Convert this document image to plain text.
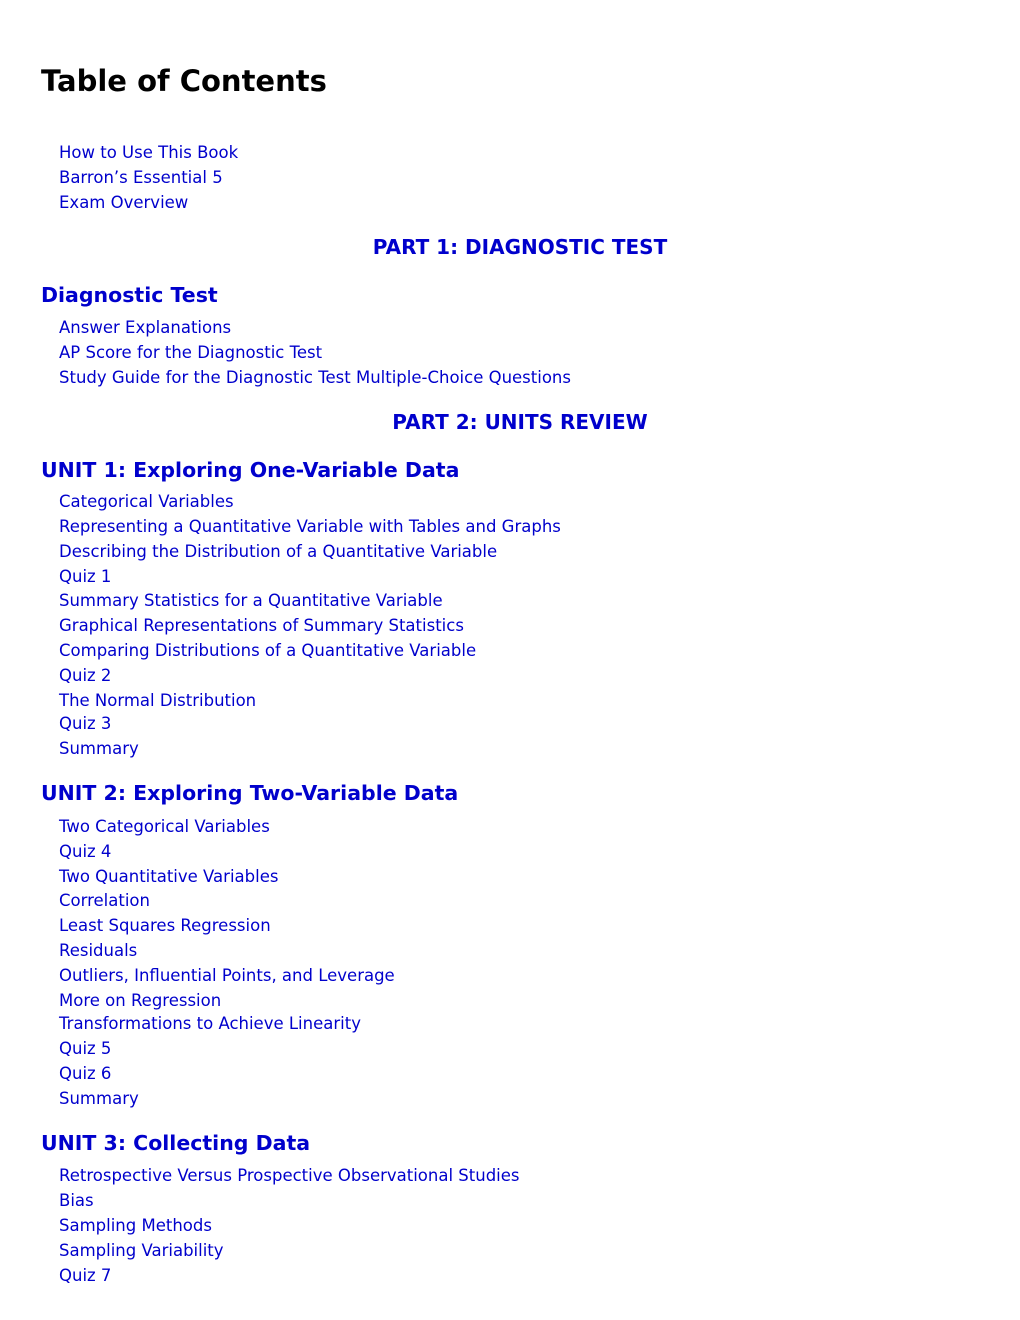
Table of Contents
How to Use This Book
Barron’s Essential 5
Exam Overview
PART 1: DIAGNOSTIC TEST
Diagnostic Test
Answer Explanations
AP Score for the Diagnostic Test
Study Guide for the Diagnostic Test Multiple-Choice Questions
PART 2: UNITS REVIEW
UNIT 1: Exploring One-Variable Data
Categorical Variables
Representing a Quantitative Variable with Tables and Graphs
Describing the Distribution of a Quantitative Variable
Quiz 1
Summary Statistics for a Quantitative Variable
Graphical Representations of Summary Statistics
Comparing Distributions of a Quantitative Variable
Quiz 2
The Normal Distribution
Quiz 3
Summary
UNIT 2: Exploring Two-Variable Data
Two Categorical Variables
Quiz 4
Two Quantitative Variables
Correlation
Least Squares Regression
Residuals
Outliers, Influential Points, and Leverage
More on Regression
Transformations to Achieve Linearity
Quiz 5
Quiz 6
Summary
UNIT 3: Collecting Data
Retrospective Versus Prospective Observational Studies
Bias
Sampling Methods
Sampling Variability
Quiz 7
